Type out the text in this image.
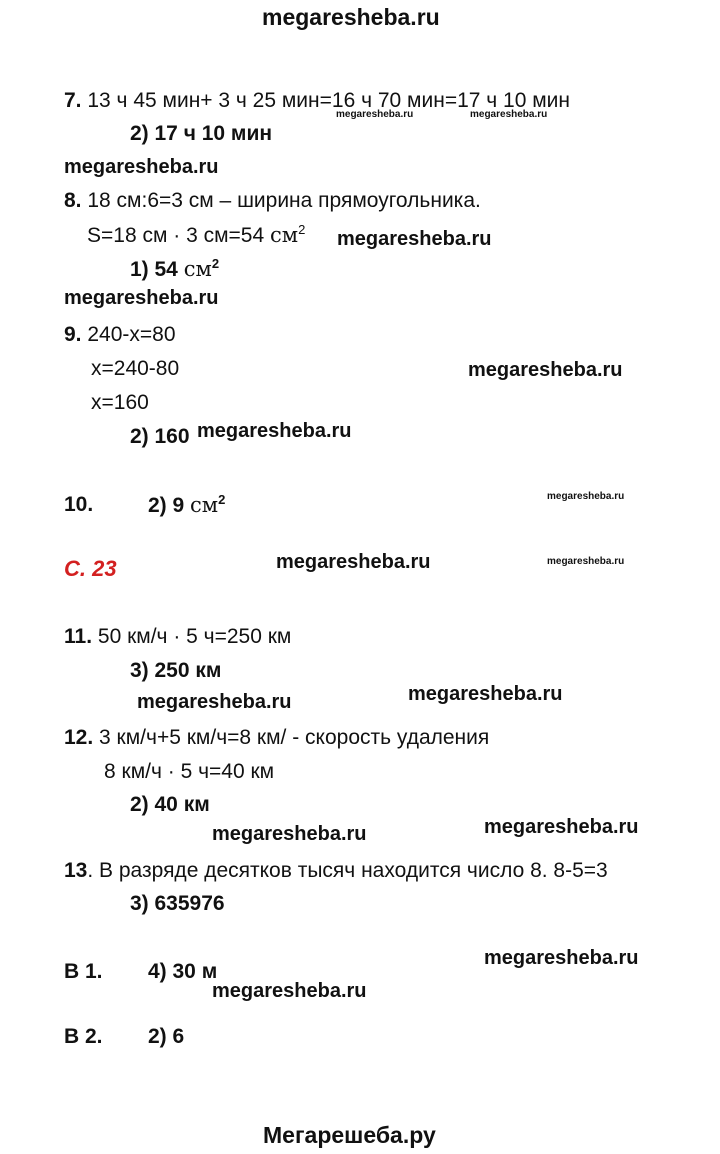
megaresheba.ru
7. 13 ч 45 мин+ 3 ч 25 мин=16 ч 70 мин=17 ч 10 мин
megaresheba.ru	megaresheba.ru
2) 17 ч 10 мин
megaresheba.ru
8. 18 см:6=3 см – ширина прямоугольника.
S=18 см · 3 см=54 $см^2$ megaresheba.ru
1) 54 $см^2$
megaresheba.ru
9. 240-х=80
х=240-80	megaresheba.ru
х=160
2) 160 megaresheba.ru
10.	2) 9 $см^2$	megaresheba.ru
С. 23	megaresheba.ru	megaresheba.ru
11. 50 км/ч · 5 ч=250 км
3) 250 км
megaresheba.ru	megaresheba.ru
12. 3 км/ч+5 км/ч=8 км/ - скорость удаления
8 км/ч · 5 ч=40 км
2) 40 км
megaresheba.ru	megaresheba.ru
13. В разряде десятков тысяч находится число 8. 8-5=3
3) 635976
megaresheba.ru
В 1. 4) 30 м
megaresheba.ru
В 2. 2) 6
Мегарешеба.ру
